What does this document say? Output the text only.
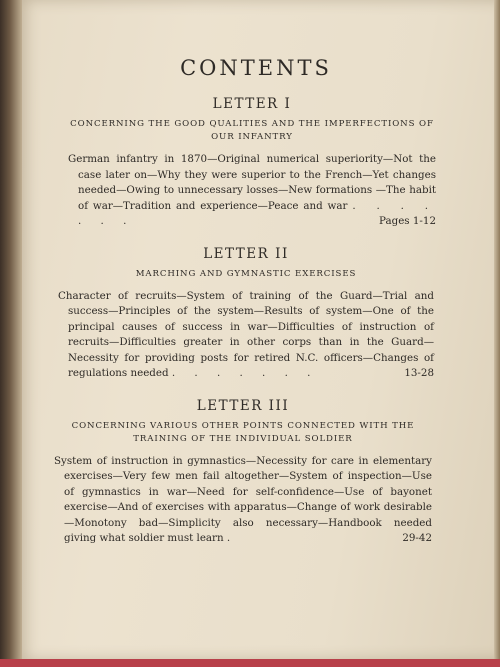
CONTENTS
LETTER I
CONCERNING THE GOOD QUALITIES AND THE IMPERFECTIONS OF OUR INFANTRY

German infantry in 1870—Original numerical superiority—Not the case later on—Why they were superior to the French—Yet changes needed—Owing to unnecessary losses—New formations —The habit of war—Tradition and experience—Peace and war . . . . . . .	Pages 1-12

LETTER II
MARCHING AND GYMNASTIC EXERCISES

Character of recruits—System of training of the Guard—Trial and success—Principles of the system—Results of system—One of the principal causes of success in war—Difficulties of instruction of recruits—Difficulties greater in other corps than in the Guard—Necessity for providing posts for retired N.C. officers—Changes of regulations needed . . . . . . .	13-28

LETTER III
CONCERNING VARIOUS OTHER POINTS CONNECTED WITH THE TRAINING OF THE INDIVIDUAL SOLDIER

System of instruction in gymnastics—Necessity for care in elementary exercises—Very few men fail altogether—System of inspection—Use of gymnastics in war—Need for self-confidence—Use of bayonet exercise—And of exercises with apparatus—Change of work desirable—Monotony bad—Simplicity also necessary—Handbook needed giving what soldier must learn .	29-42
